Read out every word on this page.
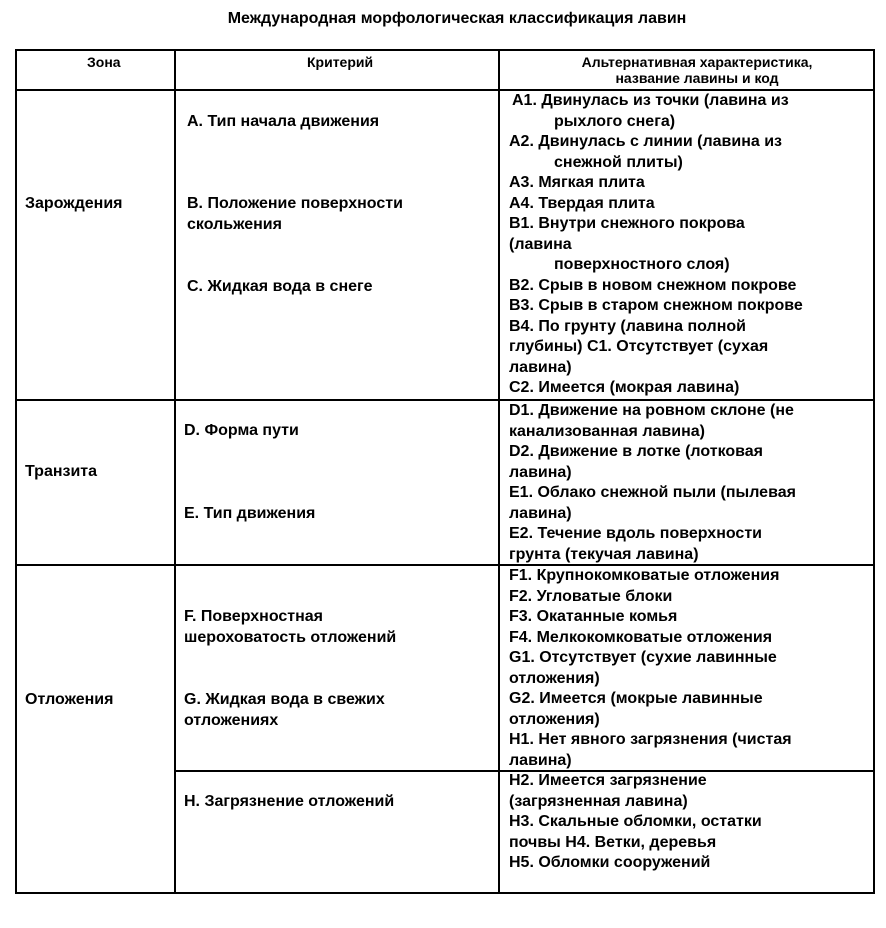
Международная морфологическая классификация лавин
Зона	Критерий	Альтернативная характеристика,
название лавины и код
Зарождения
A. Тип начала движения
B. Положение поверхности
скольжения
C. Жидкая вода в снеге
A1. Двинулась из точки (лавина из
рыхлого снега)
A2. Двинулась с линии (лавина из
снежной плиты)
A3. Мягкая плита
A4. Твердая плита
B1. Внутри снежного покрова
(лавина
поверхностного слоя)
B2. Срыв в новом снежном покрове
B3. Срыв в старом снежном покрове
B4. По грунту (лавина полной
глубины) C1. Отсутствует (сухая
лавина)
C2. Имеется (мокрая лавина)
Транзита
D. Форма пути
E. Тип движения
D1. Движение на ровном склоне (не
канализованная лавина)
D2. Движение в лотке (лотковая
лавина)
E1. Облако снежной пыли (пылевая
лавина)
E2. Течение вдоль поверхности
грунта (текучая лавина)
Отложения
F. Поверхностная
шероховатость отложений
G. Жидкая вода в свежих
отложениях
H. Загрязнение отложений
F1. Крупнокомковатые отложения
F2. Угловатые блоки
F3. Окатанные комья
F4. Мелкокомковатые отложения
G1. Отсутствует (сухие лавинные
отложения)
G2. Имеется (мокрые лавинные
отложения)
H1. Нет явного загрязнения (чистая
лавина)
H2. Имеется загрязнение
(загрязненная лавина)
H3. Скальные обломки, остатки
почвы H4. Ветки, деревья
H5. Обломки сооружений
